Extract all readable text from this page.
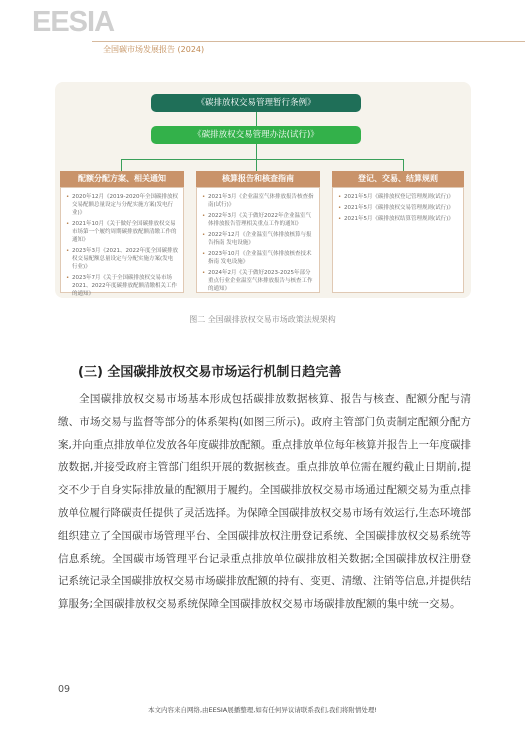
EESIA
全国碳市场发展报告 (2024)
《碳排放权交易管理暂行条例》
《碳排放权交易管理办法(试行)》
配额分配方案、相关通知
• 2020年12月《2019-2020年全国碳排放权交易配额总量设定与分配实施方案(发电行业)》
• 2021年10月《关于做好全国碳排放权交易市场第一个履约周期碳排放配额清缴工作的通知》
• 2023年3月《2021、2022年度全国碳排放权交易配额总量设定与分配实施方案(发电行业)》
• 2023年7月《关于全国碳排放权交易市场2021、2022年度碳排放配额清缴相关工作的通知》
核算报告和核查指南
• 2021年3月《企业温室气体排放报告核查指南(试行)》
• 2022年3月《关于做好2022年企业温室气体排放报告管理相关重点工作的通知》
• 2022年12月《企业温室气体排放核算与报告指南 发电设施》
• 2023年10月《企业温室气体排放核查技术指南 发电设施》
• 2024年2月《关于做好2023-2025年部分重点行业企业温室气体排放报告与核查工作的通知》
登记、交易、结算规则
• 2021年5月《碳排放权登记管理规则(试行)》
• 2021年5月《碳排放权交易管理规则(试行)》
• 2021年5月《碳排放权结算管理规则(试行)》
图二 全国碳排放权交易市场政策法规架构
(三) 全国碳排放权交易市场运行机制日趋完善

全国碳排放权交易市场基本形成包括碳排放数据核算、报告与核查、配额分配与清缴、市场交易与监督等部分的体系架构(如图三所示)。政府主管部门负责制定配额分配方案,并向重点排放单位发放各年度碳排放配额。重点排放单位每年核算并报告上一年度碳排放数据,并接受政府主管部门组织开展的数据核查。重点排放单位需在履约截止日期前,提交不少于自身实际排放量的配额用于履约。全国碳排放权交易市场通过配额交易为重点排放单位履行降碳责任提供了灵活选择。为保障全国碳排放权交易市场有效运行,生态环境部组织建立了全国碳市场管理平台、全国碳排放权注册登记系统、全国碳排放权交易系统等信息系统。全国碳市场管理平台记录重点排放单位碳排放相关数据;全国碳排放权注册登记系统记录全国碳排放权交易市场碳排放配额的持有、变更、清缴、注销等信息,并提供结算服务;全国碳排放权交易系统保障全国碳排放权交易市场碳排放配额的集中统一交易。

09
本文内容来自网络,由EESIA展播整理,如有任何异议请联系我们,我们将附情处理!
